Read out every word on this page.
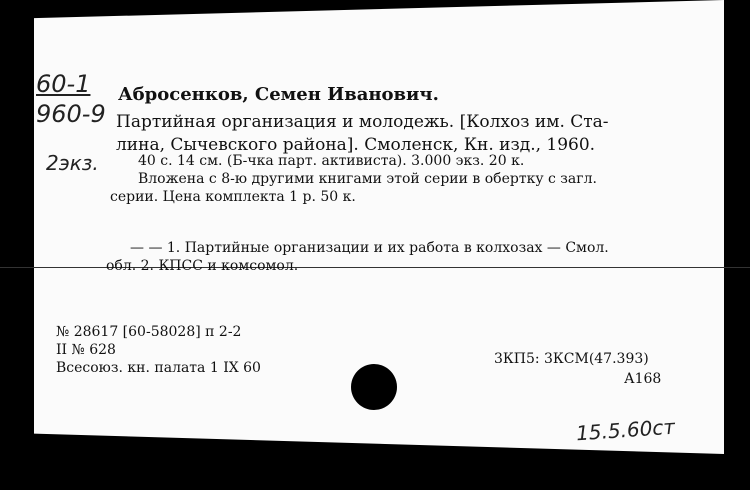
60-1
960-9
2экз.
Абросенков, Семен Иванович.
Партийная организация и молодежь. [Колхоз им. Ста-
лина, Сычевского района]. Смоленск, Кн. изд., 1960.
40 с. 14 см. (Б-чка парт. активиста). 3.000 экз. 20 к.
Вложена с 8-ю другими книгами этой серии в обертку с загл.
серии. Цена комплекта 1 р. 50 к.
— — 1. Партийные организации и их работа в колхозах — Смол.
обл. 2. КПСС и комсомол.
№ 28617 [60-58028] п 2-2
II № 628
Всесоюз. кн. палата 1 IX 60
3КП5: 3КСМ(47.393)
А168
15.5.60ст
